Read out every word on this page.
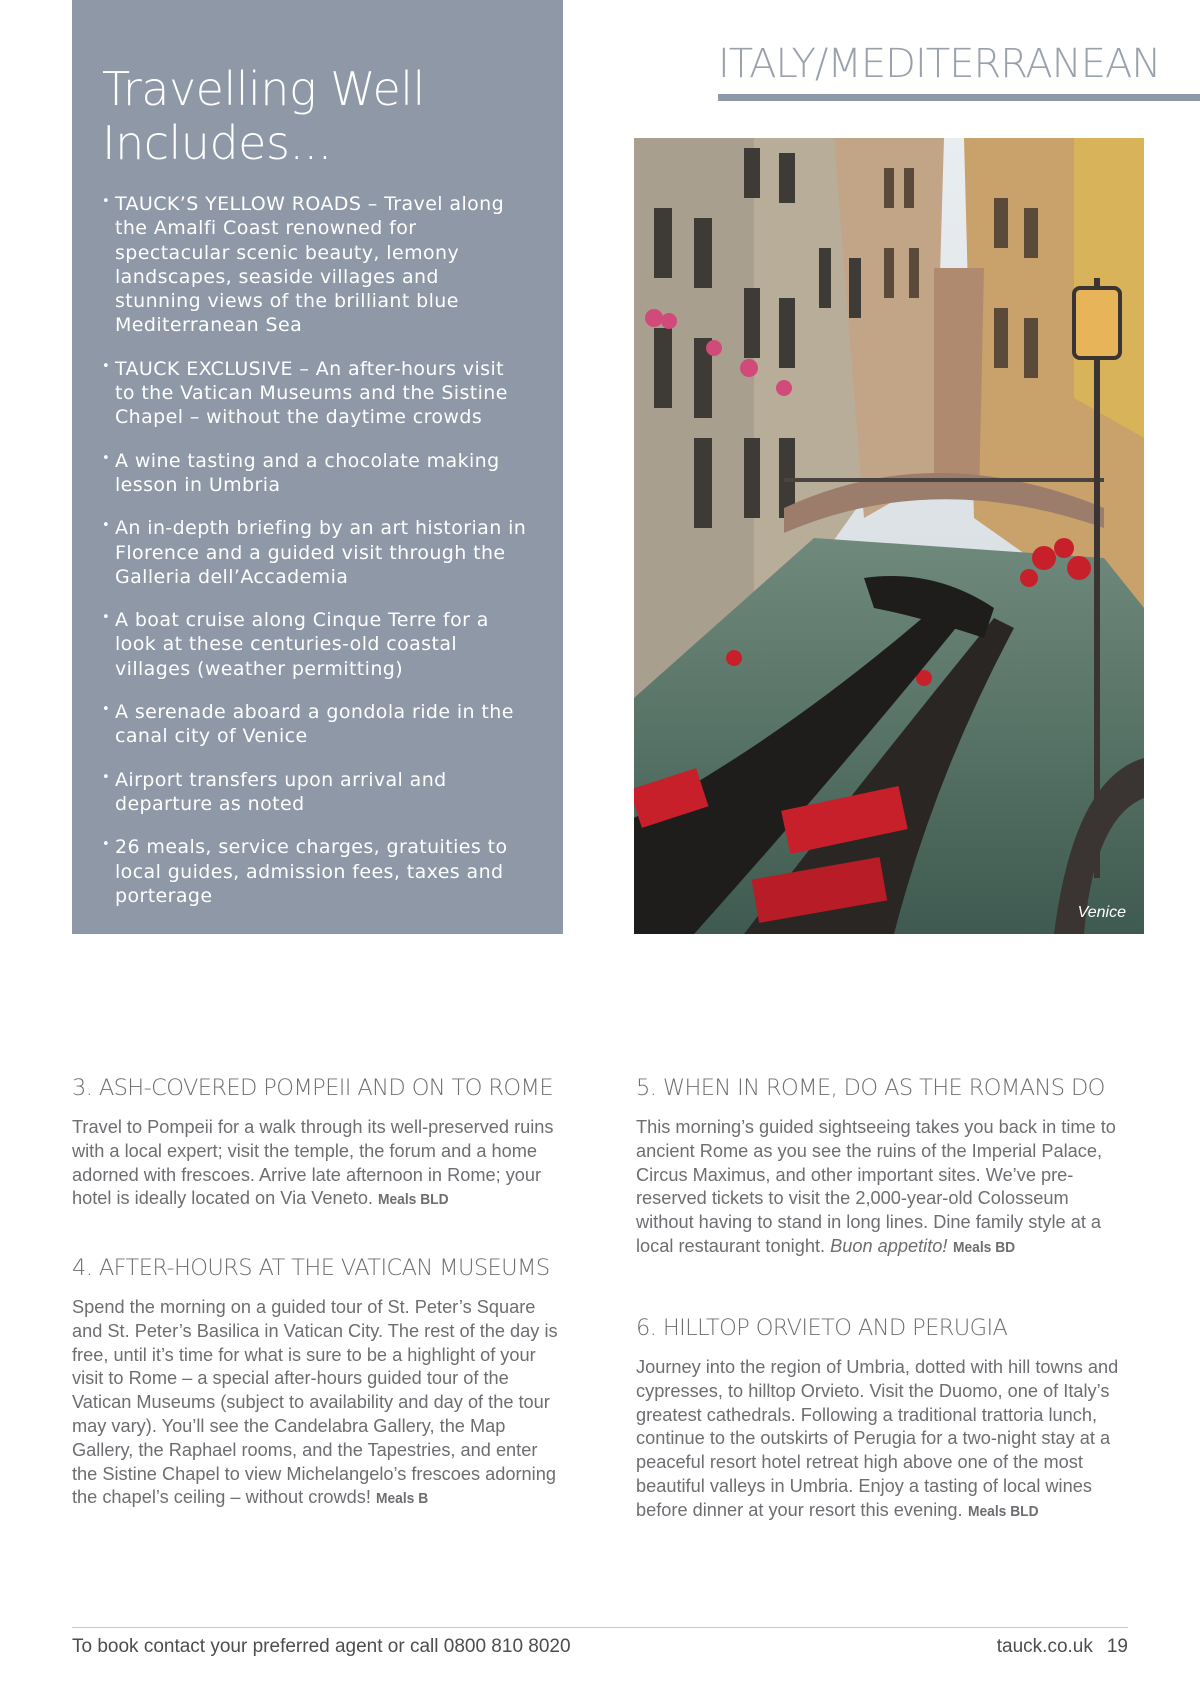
Travelling Well
Includes...
• TAUCK’S YELLOW ROADS – Travel along the Amalfi Coast renowned for spectacular scenic beauty, lemony landscapes, seaside villages and stunning views of the brilliant blue Mediterranean Sea
• TAUCK EXCLUSIVE – An after-hours visit to the Vatican Museums and the Sistine Chapel – without the daytime crowds
• A wine tasting and a chocolate making lesson in Umbria
• An in-depth briefing by an art historian in Florence and a guided visit through the Galleria dell’Accademia
• A boat cruise along Cinque Terre for a look at these centuries-old coastal villages (weather permitting)
• A serenade aboard a gondola ride in the canal city of Venice
• Airport transfers upon arrival and departure as noted
• 26 meals, service charges, gratuities to local guides, admission fees, taxes and porterage
ITALY/MEDITERRANEAN
Venice
3. ASH-COVERED POMPEII AND ON TO ROME

Travel to Pompeii for a walk through its well-preserved ruins with a local expert; visit the temple, the forum and a home adorned with frescoes. Arrive late afternoon in Rome; your hotel is ideally located on Via Veneto. Meals BLD

4. AFTER-HOURS AT THE VATICAN MUSEUMS

Spend the morning on a guided tour of St. Peter’s Square and St. Peter’s Basilica in Vatican City. The rest of the day is free, until it’s time for what is sure to be a highlight of your visit to Rome – a special after-hours guided tour of the Vatican Museums (subject to availability and day of the tour may vary). You’ll see the Candelabra Gallery, the Map Gallery, the Raphael rooms, and the Tapestries, and enter the Sistine Chapel to view Michelangelo’s frescoes adorning the chapel’s ceiling – without crowds! Meals B

5. WHEN IN ROME, DO AS THE ROMANS DO

This morning’s guided sightseeing takes you back in time to ancient Rome as you see the ruins of the Imperial Palace, Circus Maximus, and other important sites. We’ve pre-reserved tickets to visit the 2,000-year-old Colosseum without having to stand in long lines. Dine family style at a local restaurant tonight. Buon appetito! Meals BD

6. HILLTOP ORVIETO AND PERUGIA

Journey into the region of Umbria, dotted with hill towns and cypresses, to hilltop Orvieto. Visit the Duomo, one of Italy’s greatest cathedrals. Following a traditional trattoria lunch, continue to the outskirts of Perugia for a two-night stay at a peaceful resort hotel retreat high above one of the most beautiful valleys in Umbria. Enjoy a tasting of local wines before dinner at your resort this evening. Meals BLD

To book contact your preferred agent or call 0800 810 8020	tauck.co.uk 19
